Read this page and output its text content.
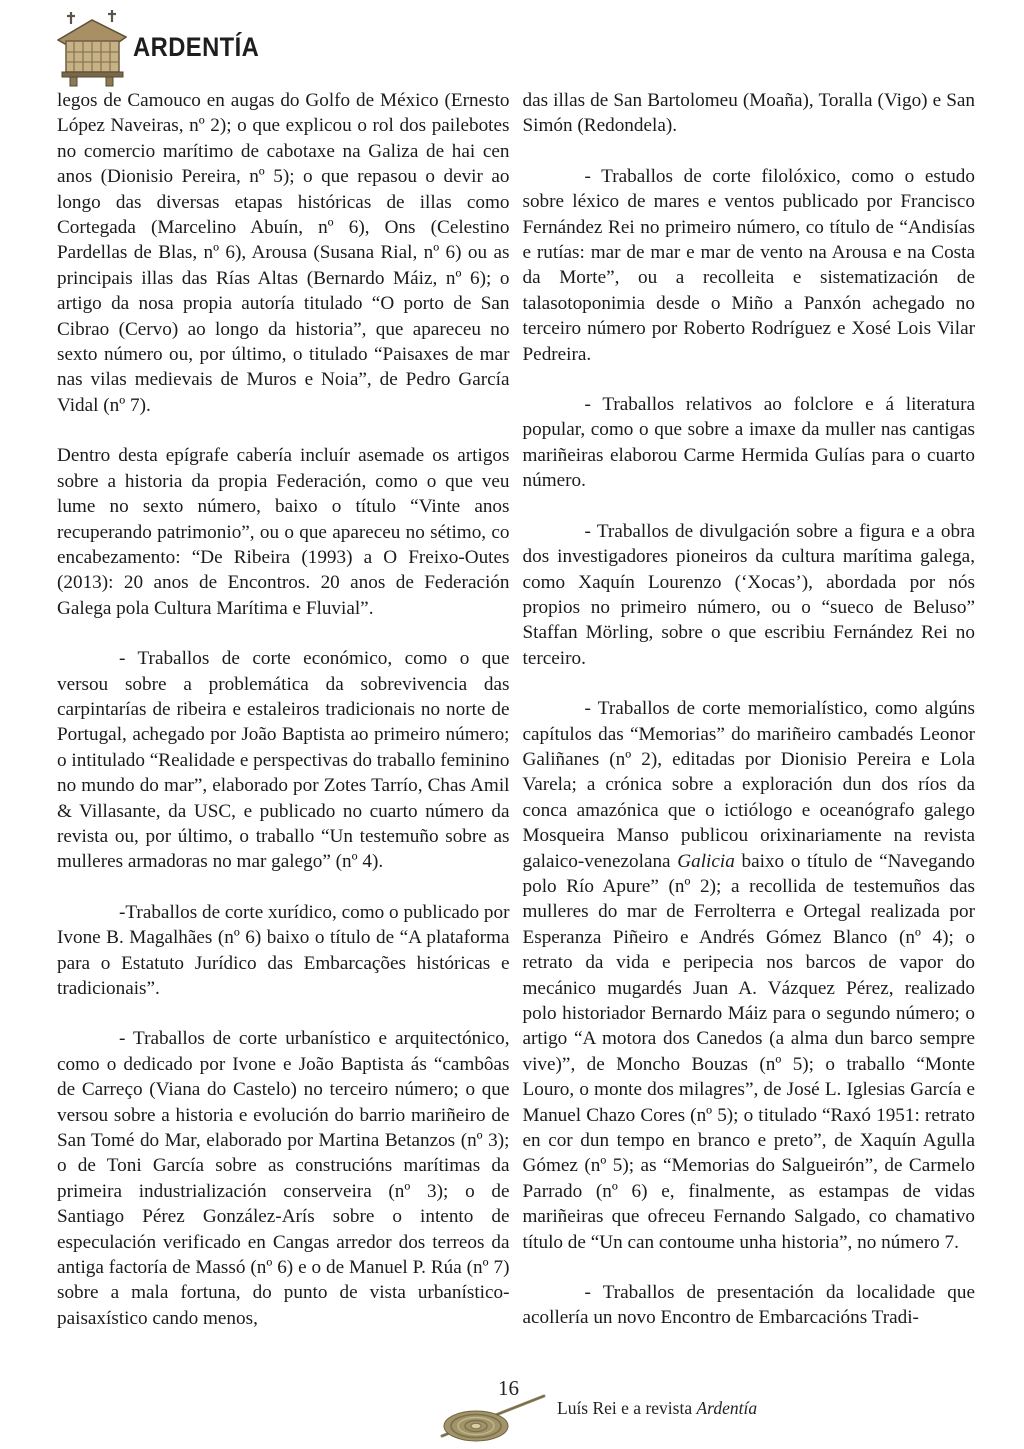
ARDENTÍA

legos de Camouco en augas do Golfo de México (Ernesto López Naveiras, nº 2); o que explicou o rol dos pailebotes no comercio marítimo de cabotaxe na Galiza de hai cen anos (Dionisio Pereira, nº 5); o que repasou o devir ao longo das diversas etapas históricas de illas como Cortegada (Marcelino Abuín, nº 6), Ons (Celestino Pardellas de Blas, nº 6), Arousa (Susana Rial, nº 6) ou as principais illas das Rías Altas (Bernardo Máiz, nº 6); o artigo da nosa propia autoría titulado “O porto de San Cibrao (Cervo) ao longo da historia”, que apareceu no sexto número ou, por último, o titulado “Paisaxes de mar nas vilas medievais de Muros e Noia”, de Pedro García Vidal (nº 7).

Dentro desta epígrafe cabería incluír asemade os artigos sobre a historia da propia Federación, como o que veu lume no sexto número, baixo o título “Vinte anos recuperando patrimonio”, ou o que apareceu no sétimo, co encabezamento: “De Ribeira (1993) a O Freixo-Outes (2013): 20 anos de Encontros. 20 anos de Federación Galega pola Cultura Marítima e Fluvial”.

- Traballos de corte económico, como o que versou sobre a problemática da sobrevivencia das carpintarías de ribeira e estaleiros tradicionais no norte de Portugal, achegado por João Baptista ao primeiro número; o intitulado “Realidade e perspectivas do traballo feminino no mundo do mar”, elaborado por Zotes Tarrío, Chas Amil & Villasante, da USC, e publicado no cuarto número da revista ou, por último, o traballo “Un testemuño sobre as mulleres armadoras no mar galego” (nº 4).

-Traballos de corte xurídico, como o publicado por Ivone B. Magalhães (nº 6) baixo o título de “A plataforma para o Estatuto Jurídico das Embarcações históricas e tradicionais”.

- Traballos de corte urbanístico e arquitectónico, como o dedicado por Ivone e João Baptista ás “cambôas de Carreço (Viana do Castelo) no terceiro número; o que versou sobre a historia e evolución do barrio mariñeiro de San Tomé do Mar, elaborado por Martina Betanzos (nº 3); o de Toni García sobre as construcións marítimas da primeira industrialización conserveira (nº 3); o de Santiago Pérez González-Arís sobre o intento de especulación verificado en Cangas arredor dos terreos da antiga factoría de Massó (nº 6) e o de Manuel P. Rúa (nº 7) sobre a mala fortuna, do punto de vista urbanístico-paisaxístico cando menos,

das illas de San Bartolomeu (Moaña), Toralla (Vigo) e San Simón (Redondela).

- Traballos de corte filolóxico, como o estudo sobre léxico de mares e ventos publicado por Francisco Fernández Rei no primeiro número, co título de “Andisías e rutías: mar de mar e mar de vento na Arousa e na Costa da Morte”, ou a recolleita e sistematización de talasotoponimia desde o Miño a Panxón achegado no terceiro número por Roberto Rodríguez e Xosé Lois Vilar Pedreira.

- Traballos relativos ao folclore e á literatura popular, como o que sobre a imaxe da muller nas cantigas mariñeiras elaborou Carme Hermida Gulías para o cuarto número.

- Traballos de divulgación sobre a figura e a obra dos investigadores pioneiros da cultura marítima galega, como Xaquín Lourenzo (‘Xocas’), abordada por nós propios no primeiro número, ou o “sueco de Beluso” Staffan Mörling, sobre o que escribiu Fernández Rei no terceiro.

- Traballos de corte memorialístico, como algúns capítulos das “Memorias” do mariñeiro cambadés Leonor Galiñanes (nº 2), editadas por Dionisio Pereira e Lola Varela; a crónica sobre a exploración dun dos ríos da conca amazónica que o ictiólogo e oceanógrafo galego Mosqueira Manso publicou orixinariamente na revista galaico-venezolana Galicia baixo o título de “Navegando polo Río Apure” (nº 2); a recollida de testemuños das mulleres do mar de Ferrolterra e Ortegal realizada por Esperanza Piñeiro e Andrés Gómez Blanco (nº 4); o retrato da vida e peripecia nos barcos de vapor do mecánico mugardés Juan A. Vázquez Pérez, realizado polo historiador Bernardo Máiz para o segundo número; o artigo “A motora dos Canedos (a alma dun barco sempre vive)”, de Moncho Bouzas (nº 5); o traballo “Monte Louro, o monte dos milagres”, de José L. Iglesias García e Manuel Chazo Cores (nº 5); o titulado “Raxó 1951: retrato en cor dun tempo en branco e preto”, de Xaquín Agulla Gómez (nº 5); as “Memorias do Salgueirón”, de Carmelo Parrado (nº 6) e, finalmente, as estampas de vidas mariñeiras que ofreceu Fernando Salgado, co chamativo título de “Un can contoume unha historia”, no número 7.

- Traballos de presentación da localidade que acollería un novo Encontro de Embarcacións Tradi-

16
Luís Rei e a revista Ardentía
